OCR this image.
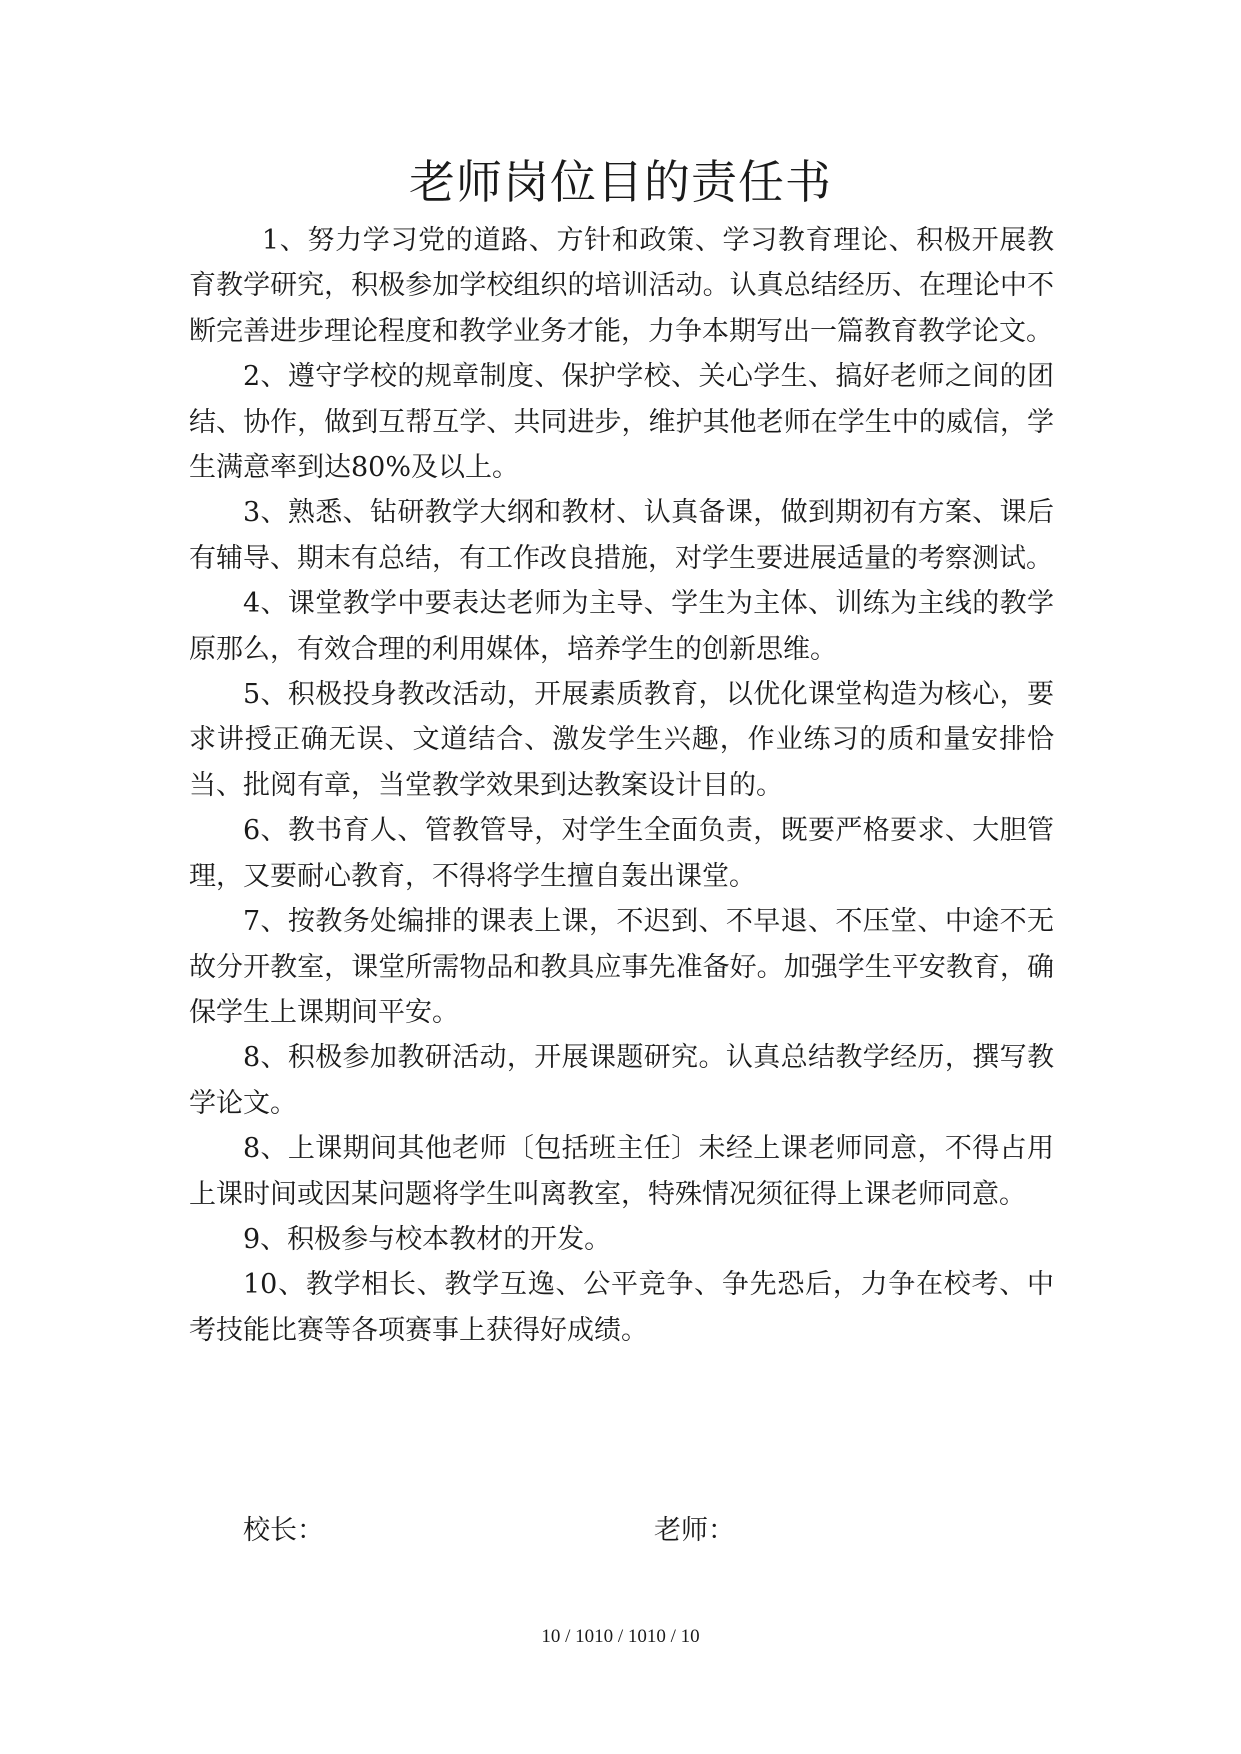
老师岗位目的责任书

1、努力学习党的道路、方针和政策、学习教育理论、积极开展教育教学研究，积极参加学校组织的培训活动。认真总结经历、在理论中不断完善进步理论程度和教学业务才能，力争本期写出一篇教育教学论文。

2、遵守学校的规章制度、保护学校、关心学生、搞好老师之间的团结、协作，做到互帮互学、共同进步，维护其他老师在学生中的威信，学生满意率到达80%及以上。

3、熟悉、钻研教学大纲和教材、认真备课，做到期初有方案、课后有辅导、期末有总结，有工作改良措施，对学生要进展适量的考察测试。

4、课堂教学中要表达老师为主导、学生为主体、训练为主线的教学原那么，有效合理的利用媒体，培养学生的创新思维。

5、积极投身教改活动，开展素质教育，以优化课堂构造为核心，要求讲授正确无误、文道结合、激发学生兴趣，作业练习的质和量安排恰当、批阅有章，当堂教学效果到达教案设计目的。

6、教书育人、管教管导，对学生全面负责，既要严格要求、大胆管理，又要耐心教育，不得将学生擅自轰出课堂。

7、按教务处编排的课表上课，不迟到、不早退、不压堂、中途不无故分开教室，课堂所需物品和教具应事先准备好。加强学生平安教育，确保学生上课期间平安。

8、积极参加教研活动，开展课题研究。认真总结教学经历，撰写教学论文。

8、上课期间其他老师〔包括班主任〕未经上课老师同意，不得占用上课时间或因某问题将学生叫离教室，特殊情况须征得上课老师同意。

9、积极参与校本教材的开发。

10、教学相长、教学互逸、公平竞争、争先恐后，力争在校考、中考技能比赛等各项赛事上获得好成绩。

校长：	老师：
10 / 1010 / 1010 / 10
